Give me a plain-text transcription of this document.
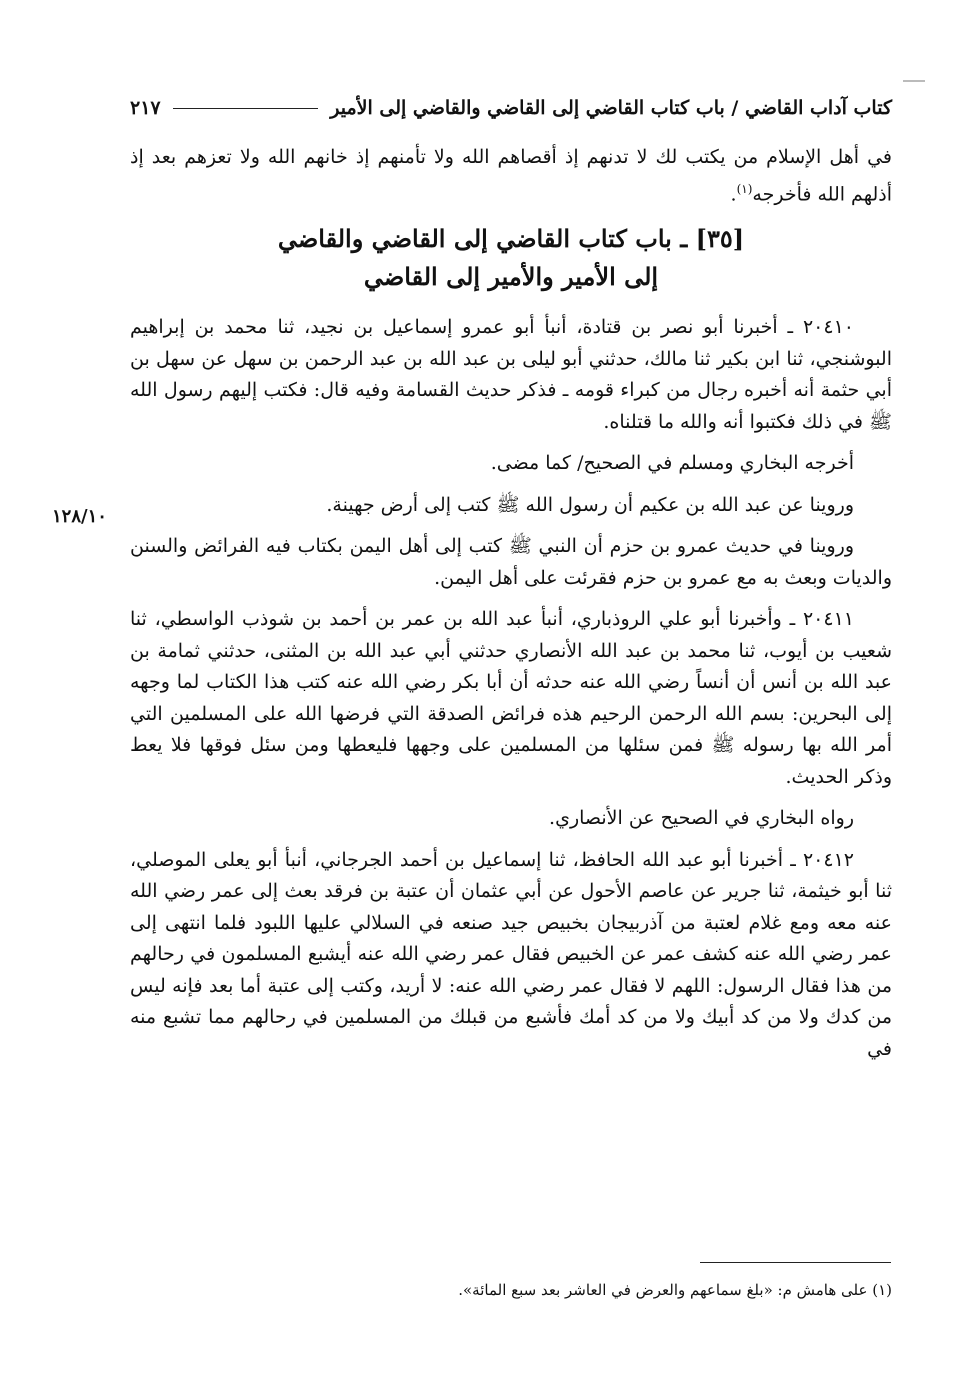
كتاب آداب القاضي / باب كتاب القاضي إلى القاضي والقاضي إلى الأمير
٢١٧
١٢٨/١٠

في أهل الإسلام من يكتب لك لا تدنهم إذ أقصاهم الله ولا تأمنهم إذ خانهم الله ولا تعزهم بعد إذ أذلهم الله فأخرجه$^{(١)}$.

[٣٥] ـ باب كتاب القاضي إلى القاضي والقاضي
إلى الأمير والأمير إلى القاضي

٢٠٤١٠ ـ أخبرنا أبو نصر بن قتادة، أنبأ أبو عمرو إسماعيل بن نجيد، ثنا محمد بن إبراهيم البوشنجي، ثنا ابن بكير ثنا مالك، حدثني أبو ليلى بن عبد الله بن عبد الرحمن بن سهل عن سهل بن أبي حثمة أنه أخبره رجال من كبراء قومه ـ فذكر حديث القسامة وفيه قال: فكتب إليهم رسول الله ﷺ في ذلك فكتبوا أنه والله ما قتلناه.

أخرجه البخاري ومسلم في الصحيح/ كما مضى.

وروينا عن عبد الله بن عكيم أن رسول الله ﷺ كتب إلى أرض جهينة.

وروينا في حديث عمرو بن حزم أن النبي ﷺ كتب إلى أهل اليمن بكتاب فيه الفرائض والسنن والديات وبعث به مع عمرو بن حزم فقرئت على أهل اليمن.

٢٠٤١١ ـ وأخبرنا أبو علي الروذباري، أنبأ عبد الله بن عمر بن أحمد بن شوذب الواسطي، ثنا شعيب بن أيوب، ثنا محمد بن عبد الله الأنصاري حدثني أبي عبد الله بن المثنى، حدثني ثمامة بن عبد الله بن أنس أن أنساً رضي الله عنه حدثه أن أبا بكر رضي الله عنه كتب هذا الكتاب لما وجهه إلى البحرين: بسم الله الرحمن الرحيم هذه فرائض الصدقة التي فرضها الله على المسلمين التي أمر الله بها رسوله ﷺ فمن سئلها من المسلمين على وجهها فليعطها ومن سئل فوقها فلا يعط وذكر الحديث.

رواه البخاري في الصحيح عن الأنصاري.

٢٠٤١٢ ـ أخبرنا أبو عبد الله الحافظ، ثنا إسماعيل بن أحمد الجرجاني، أنبأ أبو يعلى الموصلي، ثنا أبو خيثمة، ثنا جرير عن عاصم الأحول عن أبي عثمان أن عتبة بن فرقد بعث إلى عمر رضي الله عنه معه ومع غلام لعتبة من آذربيجان بخبيص جيد صنعه في السلالي عليها اللبود فلما انتهى إلى عمر رضي الله عنه كشف عمر عن الخبيص فقال عمر رضي الله عنه أيشبع المسلمون في رحالهم من هذا فقال الرسول: اللهم لا فقال عمر رضي الله عنه: لا أريد، وكتب إلى عتبة أما بعد فإنه ليس من كدك ولا من كد أبيك ولا من كد أمك فأشبع من قبلك من المسلمين في رحالهم مما تشبع منه في

(١) على هامش م: «بلغ سماعهم والعرض في العاشر بعد سبع المائة».
